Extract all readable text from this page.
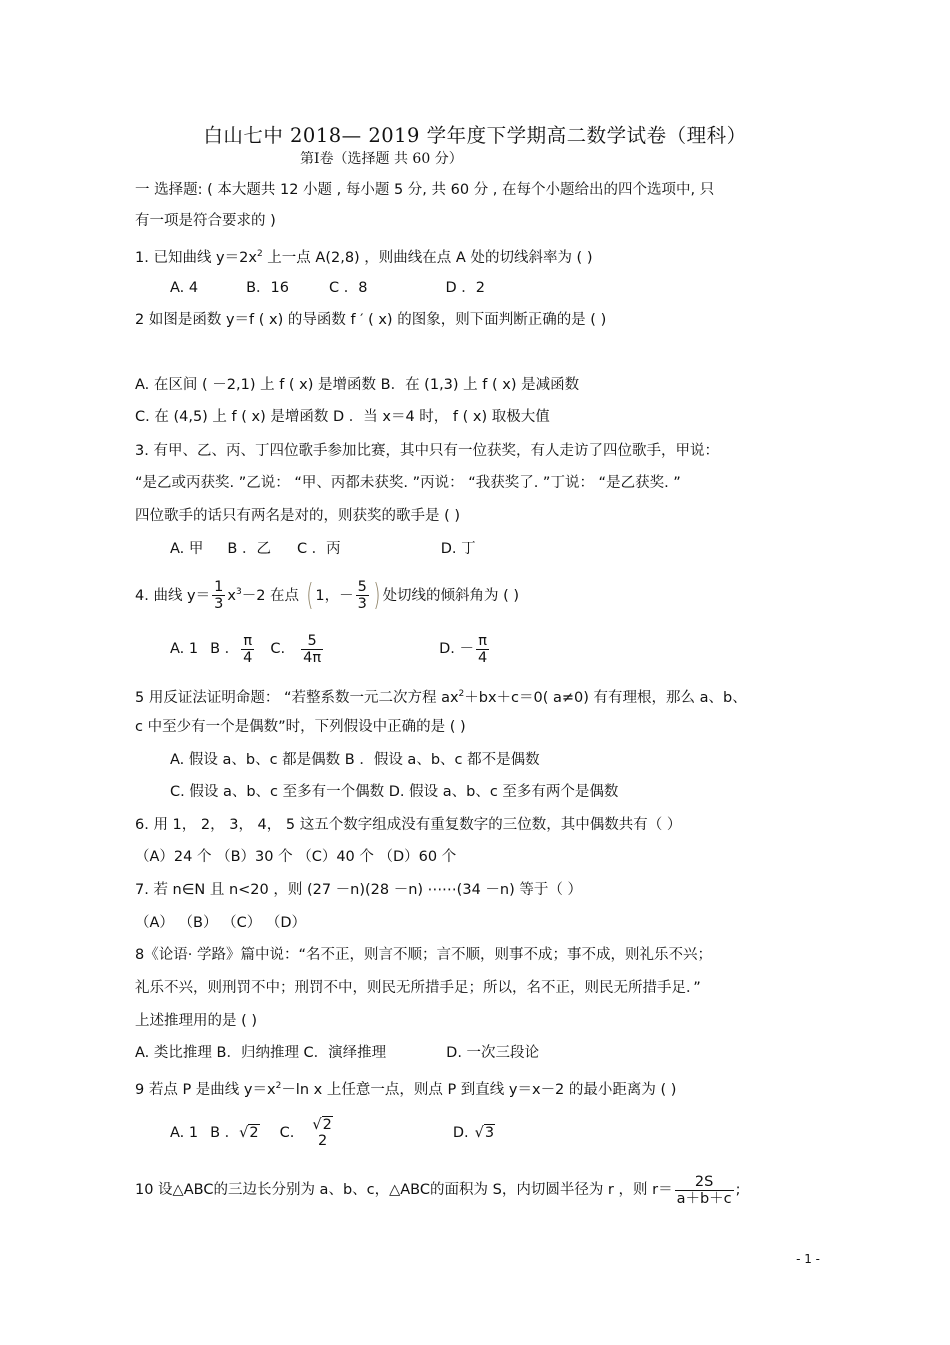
白山七中 2018— 2019 学年度下学期高二数学试卷（理科）
第Ⅰ卷（选择题 共 60 分）
一 选择题: ( 本大题共 12 小题 , 每小题 5 分, 共 60 分 , 在每个小题给出的四个选项中, 只
有一项是符合要求的 )
1. 已知曲线 $y=2x^2$ 上一点 A(2,8) ，则曲线在点 A 处的切线斜率为 ( )
A. 4	B．16	C ．8	D ．2
2 如图是函数 y＝f ( x) 的导函数 f ′ ( x) 的图象，则下面判断正确的是 ( )
A. 在区间 ( －2,1) 上 f ( x) 是增函数 B．在 (1,3) 上 f ( x) 是减函数
C. 在 (4,5) 上 f ( x) 是增函数 D ．当 x＝4 时， f ( x) 取极大值
3. 有甲、乙、丙、丁四位歌手参加比赛，其中只有一位获奖，有人走访了四位歌手，甲说：
“是乙或丙获奖. ”乙说： “甲、丙都未获奖. ”丙说： “我获奖了. ”丁说： “是乙获奖. ”
四位歌手的话只有两名是对的，则获奖的歌手是 ( )
A. 甲 B ．乙 C ．丙	D. 丁
4. 曲线 $y= \frac{1}{3} x^3-2$ 在点 ( 1，－ $\frac{5}{3}$ ) 处切线的倾斜角为 ( )
A. 1 B ． $\frac{\pi}{4} C$. $\frac{5}{4\pi}$	D. － $\frac{\pi}{4}$
5 用反证法证明命题： “若整系数一元二次方程 $ax^2+bx+c=0$( a≠0) 有有理根，那么 a、b、
c 中至少有一个是偶数”时，下列假设中正确的是 ( )
A. 假设 a、b、c 都是偶数 B ．假设 a、b、c 都不是偶数
C. 假设 a、b、c 至多有一个偶数 D. 假设 a、b、c 至多有两个是偶数
6. 用 1， 2， 3， 4， 5 这五个数字组成没有重复数字的三位数，其中偶数共有（ ）
（A）24 个 （B）30 个 （C）40 个 （D）60 个
7. 若 n∈N 且 n<20 ，则 (27 －n)(28 －n) ⋯⋯(34 －n) 等于（ ）
（A） （B） （C） （D）
8《论语· 学路》篇中说：“名不正，则言不顺；言不顺，则事不成；事不成，则礼乐不兴；
礼乐不兴，则刑罚不中；刑罚不中，则民无所措手足；所以，名不正，则民无所措手足．”
上述推理用的是 ( )
A. 类比推理 B．归纳推理 C．演绎推理	D. 一次三段论
9 若点 P 是曲线 $y=x^2-\ln$ x 上任意一点，则点 P 到直线 y＝x－2 的最小距离为 ( )
A. 1 B ．√2 C. √2
2	D. √3
10 设△ABC的三边长分别为 a、b、c，△ABC的面积为 S，内切圆半径为 r ，则 $r= \frac{2S}{a+b+c}$ ;
- 1 -
